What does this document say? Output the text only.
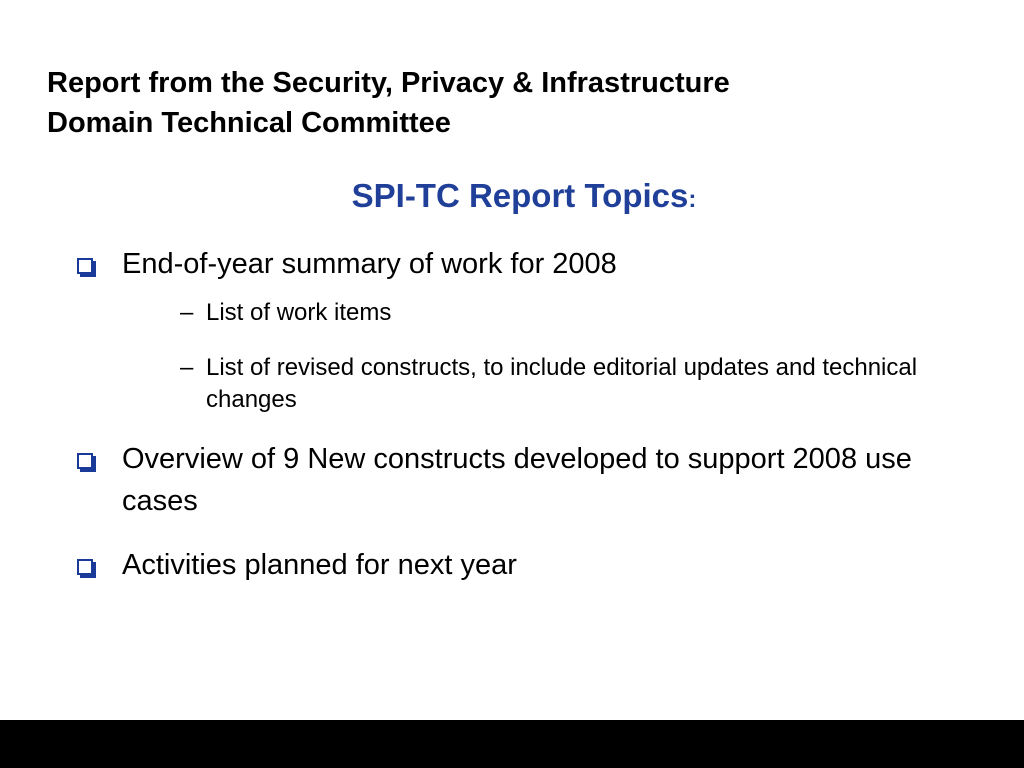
Report from the Security, Privacy & Infrastructure
Domain Technical Committee
SPI-TC Report Topics:
End-of-year summary of work for 2008
– List of work items
– List of revised constructs, to include editorial updates and technical changes
Overview of 9 New constructs developed to support 2008 use cases
Activities planned for next year
